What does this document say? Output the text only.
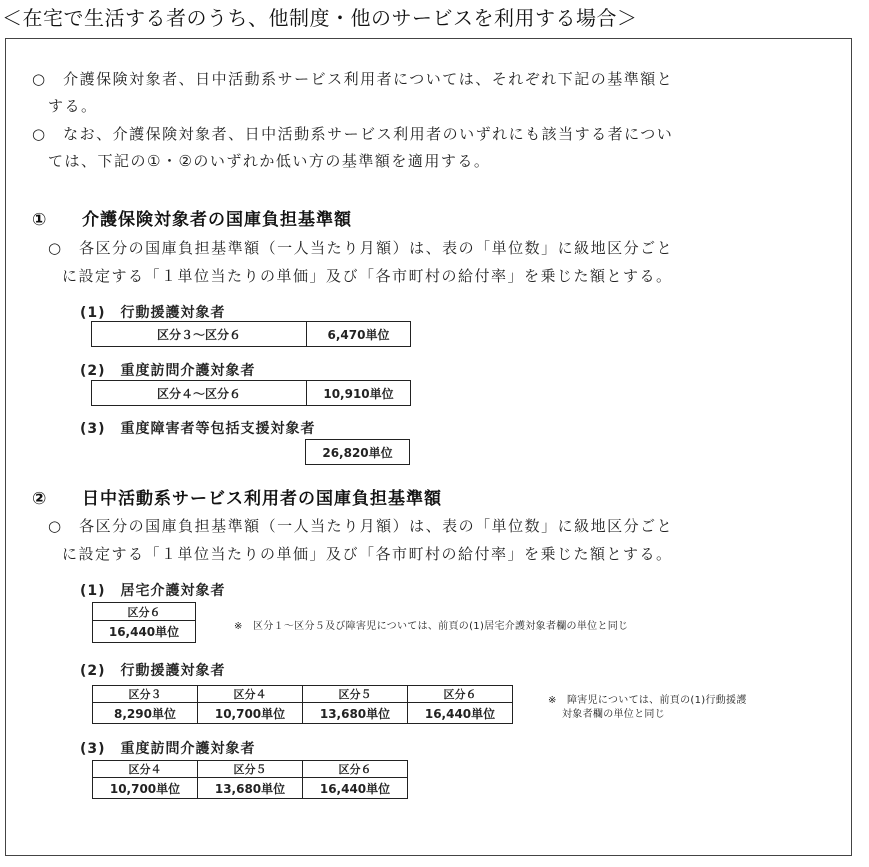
＜在宅で生活する者のうち、他制度・他のサービスを利用する場合＞
○　介護保険対象者、日中活動系サービス利用者については、それぞれ下記の基準額と
する。
○　なお、介護保険対象者、日中活動系サービス利用者のいずれにも該当する者につい
ては、下記の①・②のいずれか低い方の基準額を適用する。
① 介護保険対象者の国庫負担基準額
○　各区分の国庫負担基準額（一人当たり月額）は、表の「単位数」に級地区分ごと
に設定する「１単位当たりの単価」及び「各市町村の給付率」を乗じた額とする。
(1)　行動援護対象者
区分３～区分６	6,470単位
(2)　重度訪問介護対象者
区分４～区分６	10,910単位
(3)　重度障害者等包括支援対象者
26,820単位
② 日中活動系サービス利用者の国庫負担基準額
○　各区分の国庫負担基準額（一人当たり月額）は、表の「単位数」に級地区分ごと
に設定する「１単位当たりの単価」及び「各市町村の給付率」を乗じた額とする。
(1)　居宅介護対象者
区分６
16,440単位	※　区分１～区分５及び障害児については、前頁の(1)居宅介護対象者欄の単位と同じ
(2)　行動援護対象者
区分３	区分４	区分５	区分６
8,290単位	10,700単位	13,680単位	16,440単位
※　障害児については、前頁の(1)行動援護
対象者欄の単位と同じ
(3)　重度訪問介護対象者
区分４	区分５	区分６
10,700単位	13,680単位	16,440単位
